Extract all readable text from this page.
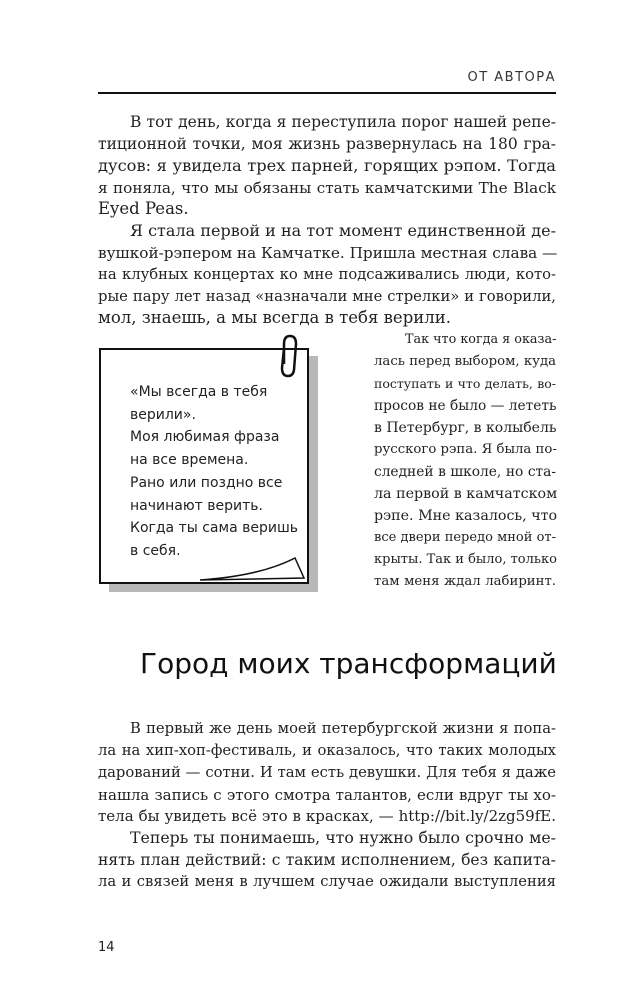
ОТ АВТОРА
В тот день, когда я переступила порог нашей репе-
тиционной точки, моя жизнь развернулась на 180 гра-
дусов: я увидела трех парней, горящих рэпом. Тогда
я поняла, что мы обязаны стать камчатскими The Black
Eyed Peas.
Я стала первой и на тот момент единственной де-
вушкой-рэпером на Камчатке. Пришла местная слава —
на клубных концертах ко мне подсаживались люди, кото-
рые пару лет назад «назначали мне стрелки» и говорили,
мол, знаешь, а мы всегда в тебя верили.
Так что когда я оказа-
лась перед выбором, куда
поступать и что делать, во-
просов не было — лететь
в Петербург, в колыбель
русского рэпа. Я была по-
следней в школе, но ста-
ла первой в камчатском
рэпе. Мне казалось, что
все двери передо мной от-
крыты. Так и было, только
там меня ждал лабиринт.
«Мы всегда в тебя
верили».
Моя любимая фраза
на все времена.
Рано или поздно все
начинают верить.
Когда ты сама веришь
в себя.
Город моих трансформаций
В первый же день моей петербургской жизни я попа-
ла на хип-хоп-фестиваль, и оказалось, что таких молодых
дарований — сотни. И там есть девушки. Для тебя я даже
нашла запись с этого смотра талантов, если вдруг ты хо-
тела бы увидеть всё это в красках, — http://bit.ly/2zg59fE.
Теперь ты понимаешь, что нужно было срочно ме-
нять план действий: с таким исполнением, без капита-
ла и связей меня в лучшем случае ожидали выступления
14
